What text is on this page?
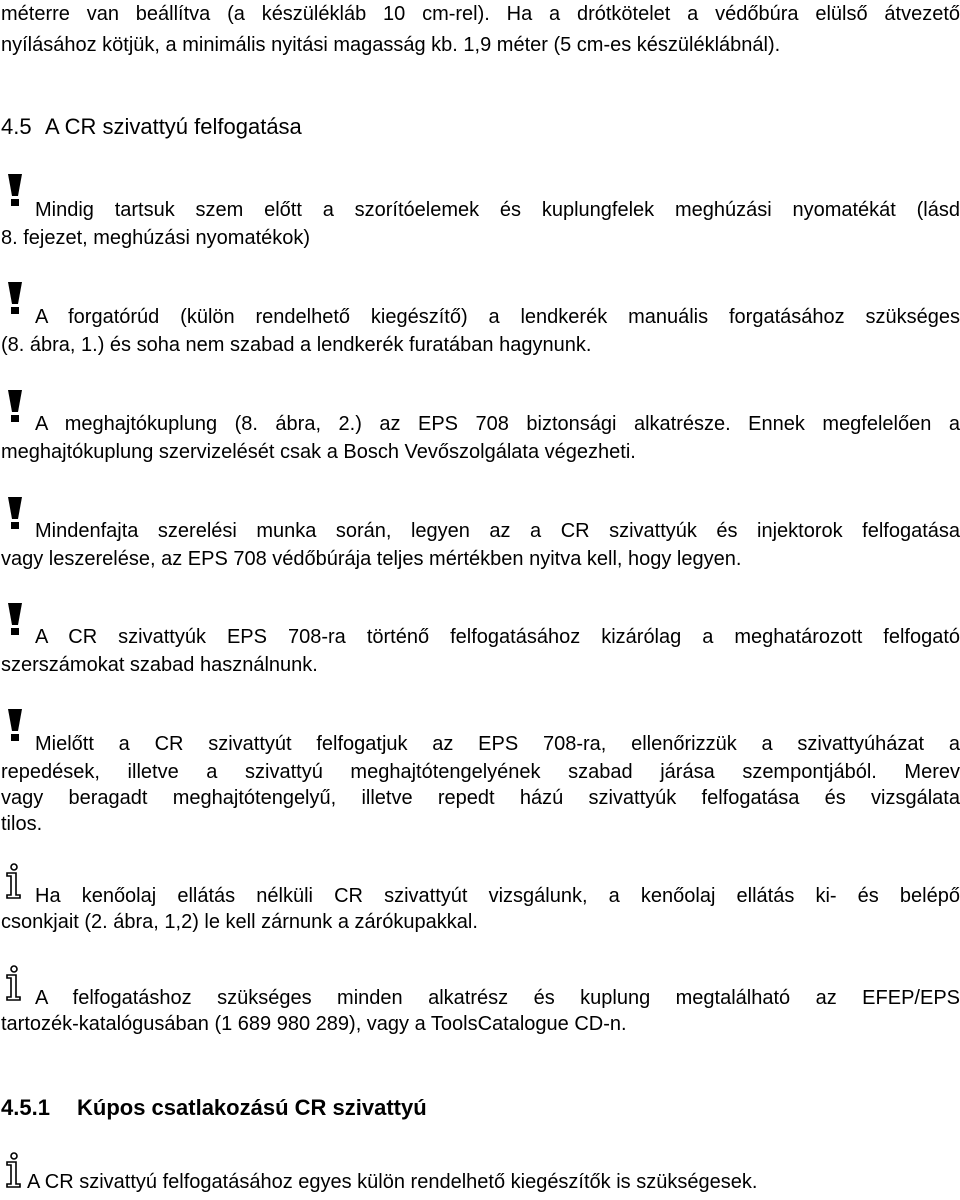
méterre van beállítva (a készülékláb 10 cm-rel). Ha a drótkötelet a védőbúra elülső átvezető
nyílásához kötjük, a minimális nyitási magasság kb. 1,9 méter (5 cm-es készüléklábnál).
4.5 A CR szivattyú felfogatása
Mindig tartsuk szem előtt a szorítóelemek és kuplungfelek meghúzási nyomatékát (lásd
8. fejezet, meghúzási nyomatékok)
A forgatórúd (külön rendelhető kiegészítő) a lendkerék manuális forgatásához szükséges
(8. ábra, 1.) és soha nem szabad a lendkerék furatában hagynunk.
A meghajtókuplung (8. ábra, 2.) az EPS 708 biztonsági alkatrésze. Ennek megfelelően a
meghajtókuplung szervizelését csak a Bosch Vevőszolgálata végezheti.
Mindenfajta szerelési munka során, legyen az a CR szivattyúk és injektorok felfogatása
vagy leszerelése, az EPS 708 védőbúrája teljes mértékben nyitva kell, hogy legyen.
A CR szivattyúk EPS 708-ra történő felfogatásához kizárólag a meghatározott felfogató
szerszámokat szabad használnunk.
Mielőtt a CR szivattyút felfogatjuk az EPS 708-ra, ellenőrizzük a szivattyúházat a
repedések, illetve a szivattyú meghajtótengelyének szabad járása szempontjából. Merev
vagy beragadt meghajtótengelyű, illetve repedt házú szivattyúk felfogatása és vizsgálata
tilos.
Ha kenőolaj ellátás nélküli CR szivattyút vizsgálunk, a kenőolaj ellátás ki- és belépő
csonkjait (2. ábra, 1,2) le kell zárnunk a zárókupakkal.
A felfogatáshoz szükséges minden alkatrész és kuplung megtalálható az EFEP/EPS
tartozék-katalógusában (1 689 980 289), vagy a ToolsCatalogue CD-n.
4.5.1 Kúpos csatlakozású CR szivattyú
A CR szivattyú felfogatásához egyes külön rendelhető kiegészítők is szükségesek.
